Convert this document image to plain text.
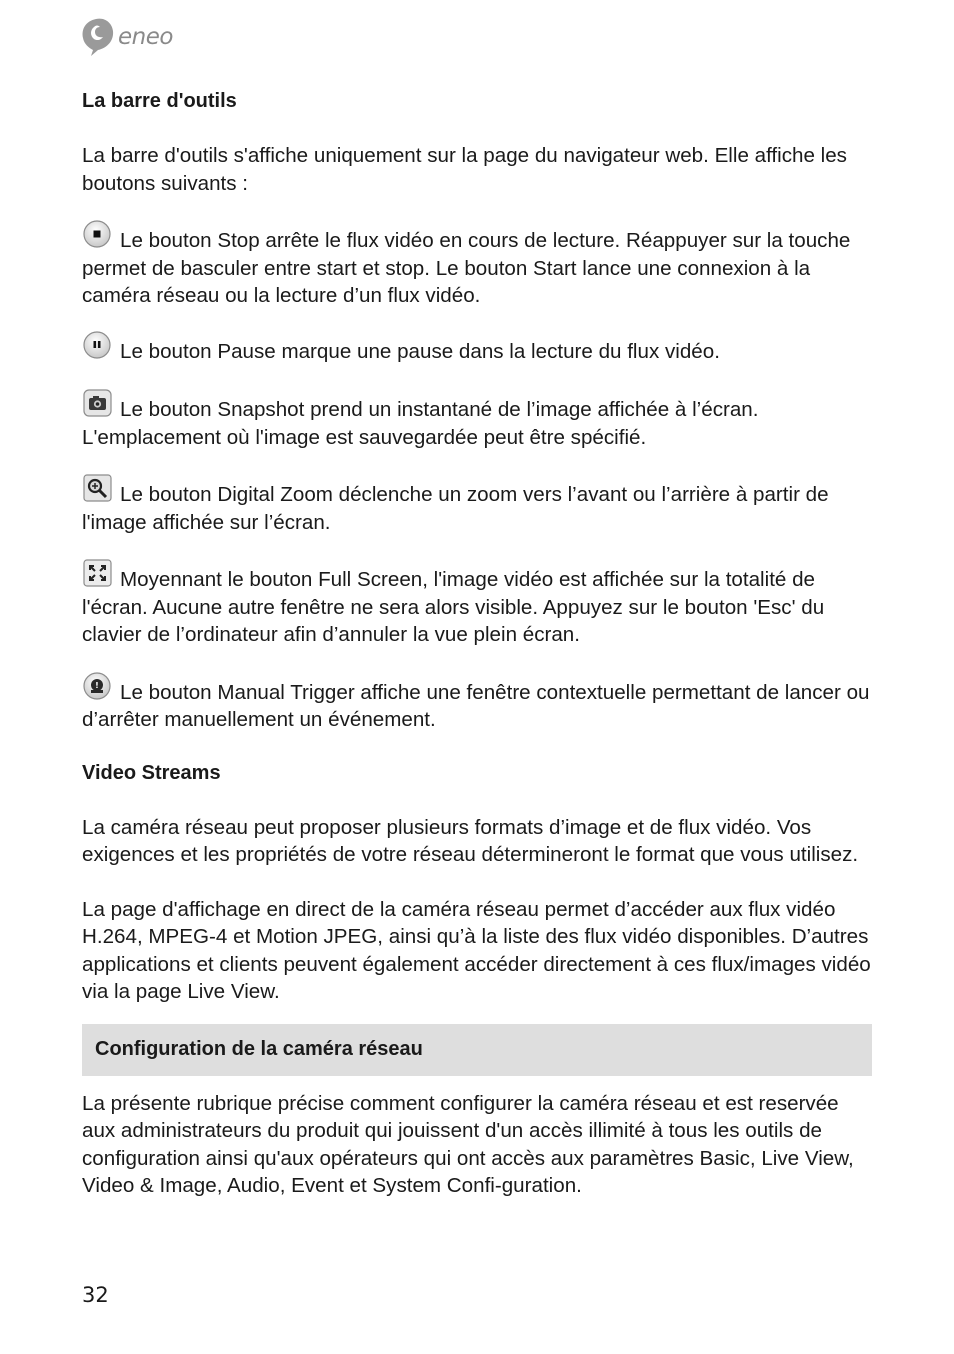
eneo

La barre d'outils

La barre d'outils s'affiche uniquement sur la page du navigateur web. Elle affiche les boutons suivants :

Le bouton Stop arrête le flux vidéo en cours de lecture. Réappuyer sur la touche permet de basculer entre start et stop. Le bouton Start lance une connexion à la caméra réseau ou la lecture d’un flux vidéo.

Le bouton Pause marque une pause dans la lecture du flux vidéo.

Le bouton Snapshot prend un instantané de l’image affichée à l’écran. L'emplacement où l'image est sauvegardée peut être spécifié.

Le bouton Digital Zoom déclenche un zoom vers l’avant ou l’arrière à partir de l'image affichée sur l’écran.

Moyennant le bouton Full Screen, l'image vidéo est affichée sur la totalité de l'écran. Aucune autre fenêtre ne sera alors visible. Appuyez sur le bouton 'Esc' du clavier de l’ordinateur afin d’annuler la vue plein écran.

! Le bouton Manual Trigger affiche une fenêtre contextuelle permettant de lancer ou d’arrêter manuellement un événement.

Video Streams

La caméra réseau peut proposer plusieurs formats d’image et de flux vidéo. Vos exigences et les propriétés de votre réseau détermineront le format que vous utilisez.

La page d'affichage en direct de la caméra réseau permet d’accéder aux flux vidéo H.264, MPEG-4 et Motion JPEG, ainsi qu’à la liste des flux vidéo disponibles. D’autres applications et clients peuvent également accéder directement à ces flux/images vidéo via la page Live View.

Configuration de la caméra réseau

La présente rubrique précise comment configurer la caméra réseau et est reservée aux administrateurs du produit qui jouissent d'un accès illimité à tous les outils de configuration ainsi qu'aux opérateurs qui ont accès aux paramètres Basic, Live View, Video & Image, Audio, Event et System Confi-guration.

32
